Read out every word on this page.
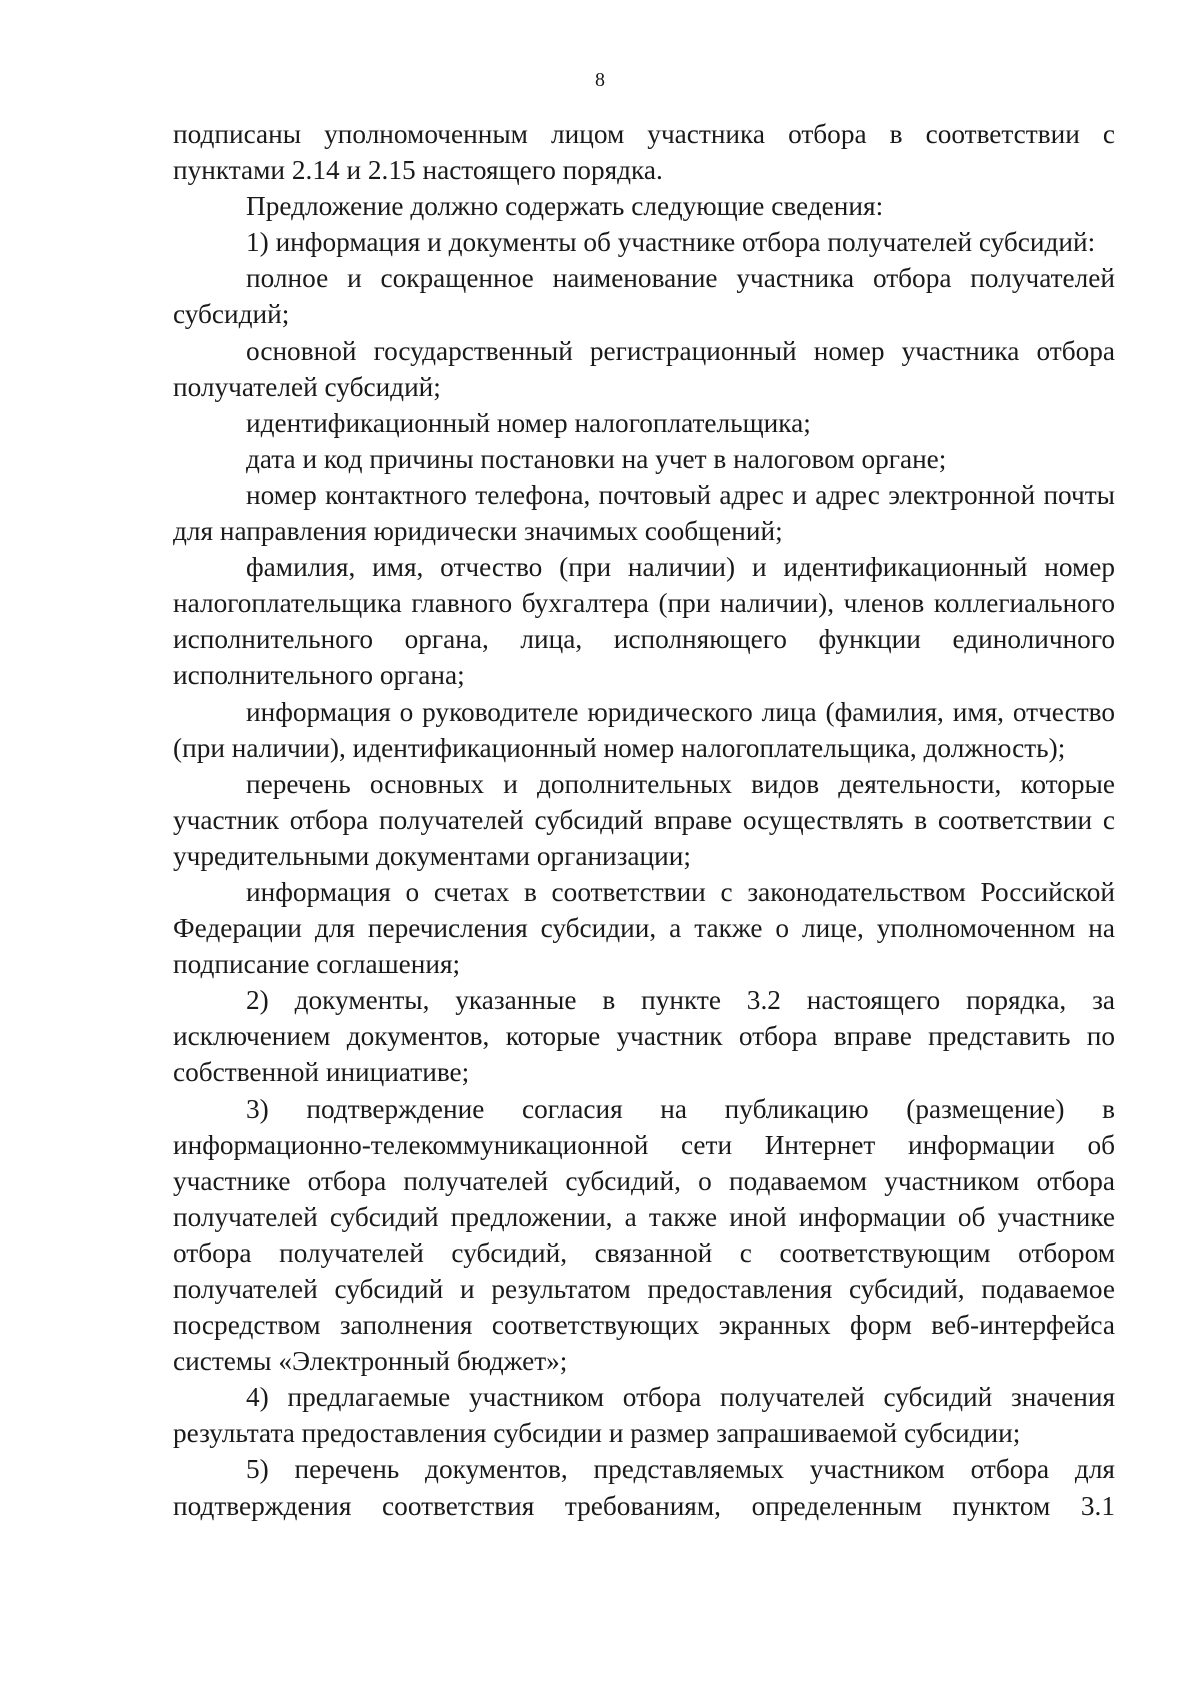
8

подписаны уполномоченным лицом участника отбора в соответствии с пунктами 2.14 и 2.15 настоящего порядка.

Предложение должно содержать следующие сведения:

1) информация и документы об участнике отбора получателей субсидий:

полное и сокращенное наименование участника отбора получателей субсидий;

основной государственный регистрационный номер участника отбора получателей субсидий;

идентификационный номер налогоплательщика;

дата и код причины постановки на учет в налоговом органе;

номер контактного телефона, почтовый адрес и адрес электронной почты для направления юридически значимых сообщений;

фамилия, имя, отчество (при наличии) и идентификационный номер налогоплательщика главного бухгалтера (при наличии), членов коллегиального исполнительного органа, лица, исполняющего функции единоличного исполнительного органа;

информация о руководителе юридического лица (фамилия, имя, отчество (при наличии), идентификационный номер налогоплательщика, должность);

перечень основных и дополнительных видов деятельности, которые участник отбора получателей субсидий вправе осуществлять в соответствии с учредительными документами организации;

информация о счетах в соответствии с законодательством Российской Федерации для перечисления субсидии, а также о лице, уполномоченном на подписание соглашения;

2) документы, указанные в пункте 3.2 настоящего порядка, за исключением документов, которые участник отбора вправе представить по собственной инициативе;

3) подтверждение согласия на публикацию (размещение) в информационно-телекоммуникационной сети Интернет информации об участнике отбора получателей субсидий, о подаваемом участником отбора получателей субсидий предложении, а также иной информации об участнике отбора получателей субсидий, связанной с соответствующим отбором получателей субсидий и результатом предоставления субсидий, подаваемое посредством заполнения соответствующих экранных форм веб-интерфейса системы «Электронный бюджет»;

4) предлагаемые участником отбора получателей субсидий значения результата предоставления субсидии и размер запрашиваемой субсидии;

5) перечень документов, представляемых участником отбора для подтверждения соответствия требованиям, определенным пунктом 3.1
